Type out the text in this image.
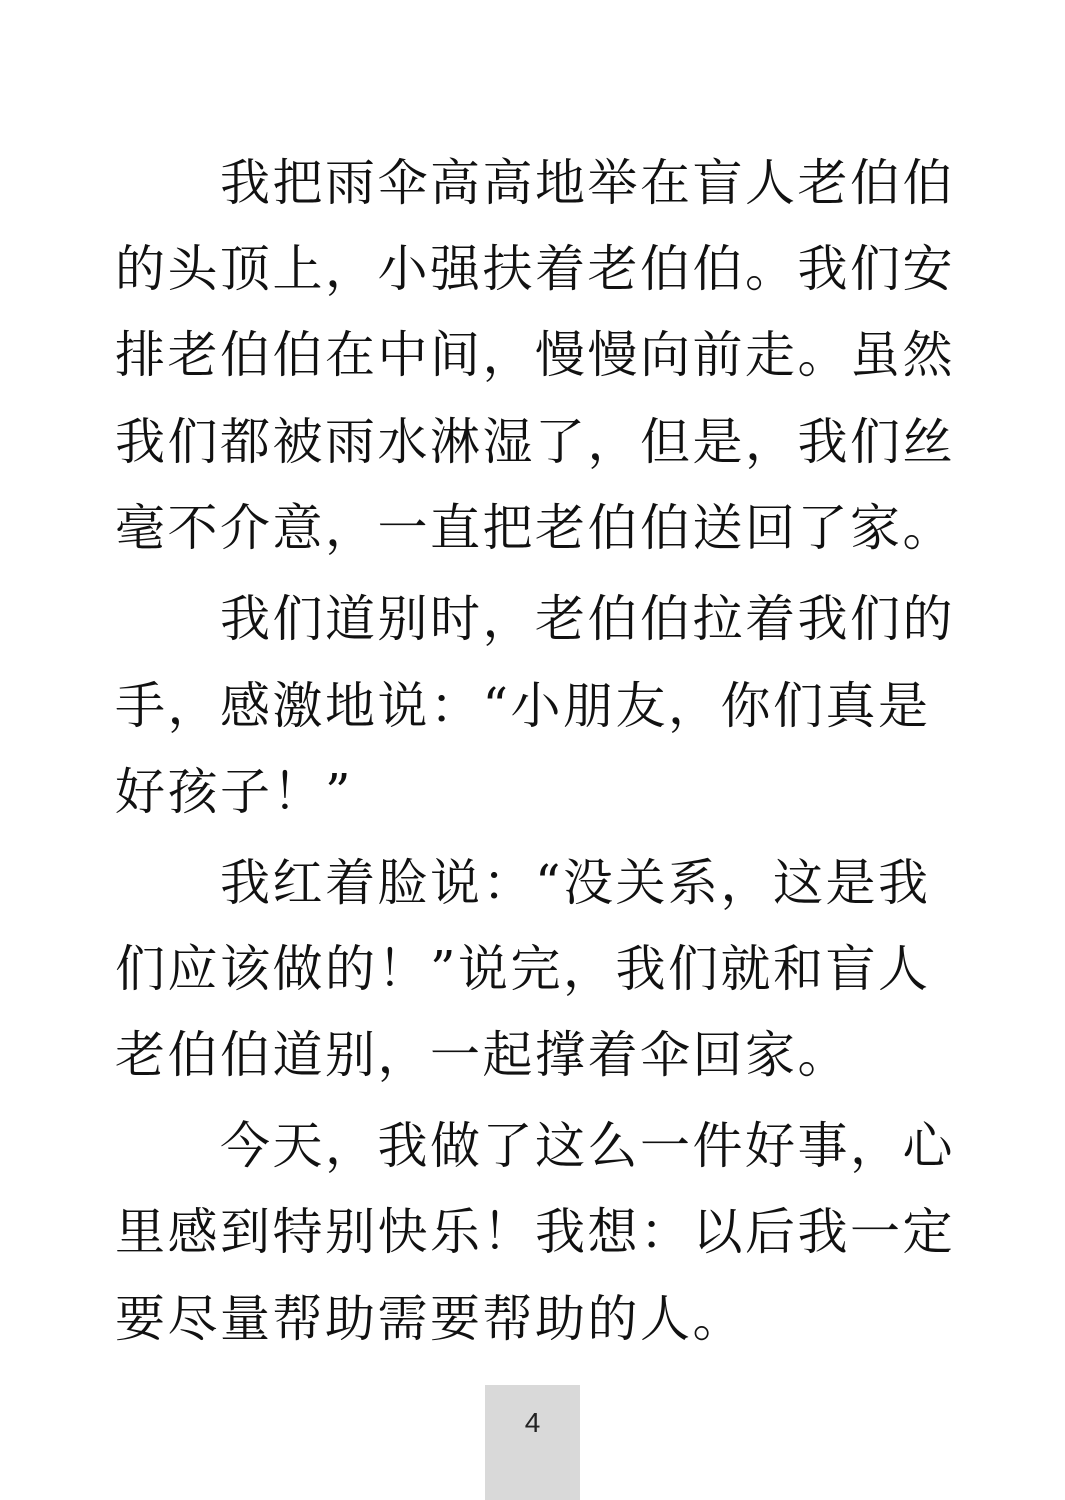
　　我把雨伞高高地举在盲人老伯伯
的头顶上，小强扶着老伯伯。我们安
排老伯伯在中间，慢慢向前走。虽然
我们都被雨水淋湿了，但是，我们丝
毫不介意，一直把老伯伯送回了家。
　　我们道别时，老伯伯拉着我们的
手，感激地说：“小朋友，你们真是
好孩子！”
　　我红着脸说：“没关系，这是我
们应该做的！”说完，我们就和盲人
老伯伯道别，一起撑着伞回家。
　　今天，我做了这么一件好事，心
里感到特别快乐！我想：以后我一定
要尽量帮助需要帮助的人。
4
